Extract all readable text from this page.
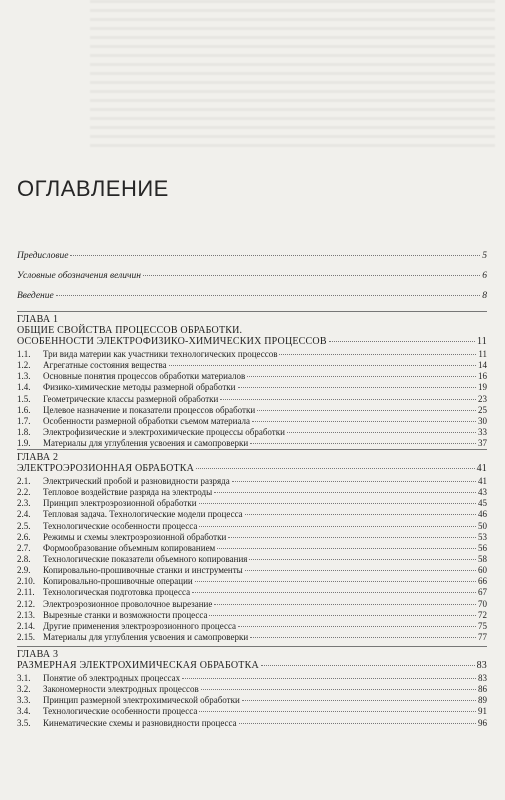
ОГЛАВЛЕНИЕ
Предисловие	5
Условные обозначения величин	6
Введение	8
ГЛАВА 1
ОБЩИЕ СВОЙСТВА ПРОЦЕССОВ ОБРАБОТКИ.
ОСОБЕННОСТИ ЭЛЕКТРОФИЗИКО-ХИМИЧЕСКИХ ПРОЦЕССОВ	11
1.1.	Три вида материи как участники технологических процессов	11
1.2.	Агрегатные состояния вещества	14
1.3.	Основные понятия процессов обработки материалов	16
1.4.	Физико-химические методы размерной обработки	19
1.5.	Геометрические классы размерной обработки	23
1.6.	Целевое назначение и показатели процессов обработки	25
1.7.	Особенности размерной обработки съемом материала	30
1.8.	Электрофизические и электрохимические процессы обработки	33
1.9.	Материалы для углубления усвоения и самопроверки	37
ГЛАВА 2
ЭЛЕКТРОЭРОЗИОННАЯ ОБРАБОТКА	41
2.1.	Электрический пробой и разновидности разряда	41
2.2.	Тепловое воздействие разряда на электроды	43
2.3.	Принцип электроэрозионной обработки	45
2.4.	Тепловая задача. Технологические модели процесса	46
2.5.	Технологические особенности процесса	50
2.6.	Режимы и схемы электроэрозионной обработки	53
2.7.	Формообразование объемным копированием	56
2.8.	Технологические показатели объемного копирования	58
2.9.	Копировально-прошивочные станки и инструменты	60
2.10. Копировально-прошивочные операции	66
2.11. Технологическая подготовка процесса	67
2.12. Электроэрозионное проволочное вырезание	70
2.13. Вырезные станки и возможности процесса	72
2.14. Другие применения электроэрозионного процесса	75
2.15. Материалы для углубления усвоения и самопроверки	77
ГЛАВА 3
РАЗМЕРНАЯ ЭЛЕКТРОХИМИЧЕСКАЯ ОБРАБОТКА	83
3.1.	Понятие об электродных процессах	83
3.2.	Закономерности электродных процессов	86
3.3.	Принцип размерной электрохимической обработки	89
3.4.	Технологические особенности процесса	91
3.5.	Кинематические схемы и разновидности процесса	96
